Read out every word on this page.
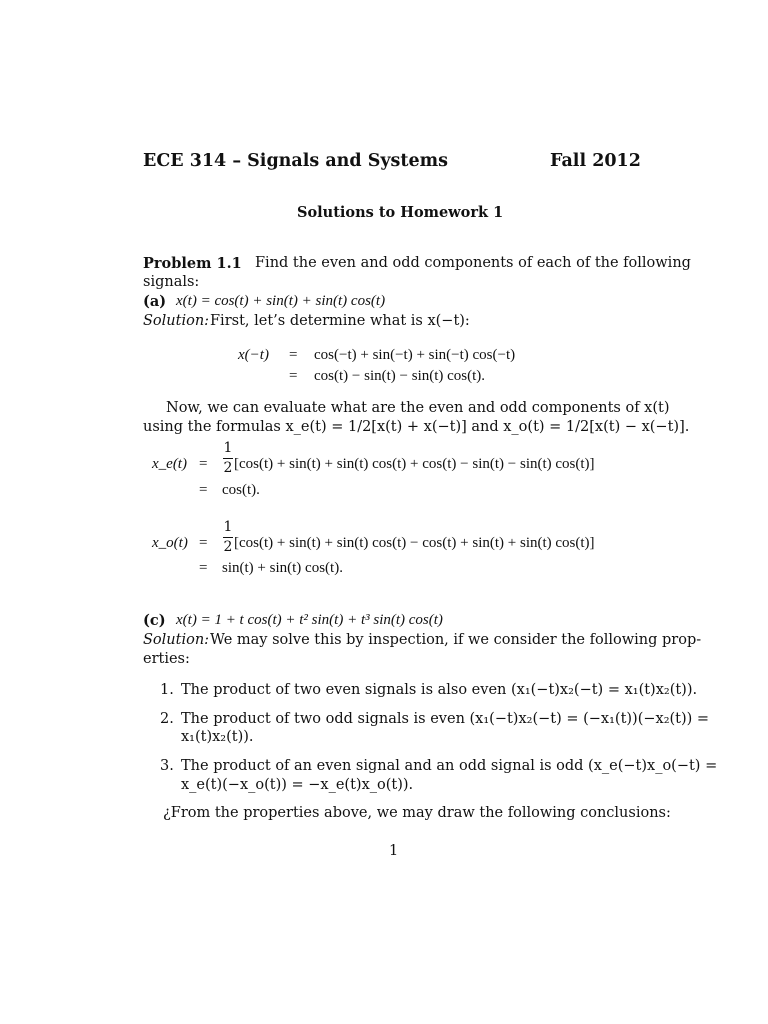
ECE 314 – Signals and Systems	Fall 2012
Solutions to Homework 1
Problem 1.1 Find the even and odd components of each of the following
signals:
(a) x(t) = cos(t) + sin(t) + sin(t) cos(t)
Solution: First, let’s determine what is x(−t):
x(−t) = cos(−t) + sin(−t) + sin(−t) cos(−t)
= cos(t) − sin(t) − sin(t) cos(t).
Now, we can evaluate what are the even and odd components of x(t)
using the formulas x_e(t) = 1/2[x(t) + x(−t)] and x_o(t) = 1/2[x(t) − x(−t)].
x_e(t) =
1
2 [cos(t) + sin(t) + sin(t) cos(t) + cos(t) − sin(t) − sin(t) cos(t)]
= cos(t).
x_o(t) =
1
2 [cos(t) + sin(t) + sin(t) cos(t) − cos(t) + sin(t) + sin(t) cos(t)]
= sin(t) + sin(t) cos(t).
(c) x(t) = 1 + t cos(t) + t² sin(t) + t³ sin(t) cos(t)
Solution: We may solve this by inspection, if we consider the following prop-
erties:
1. The product of two even signals is also even (x₁(−t)x₂(−t) = x₁(t)x₂(t)).
2. The product of two odd signals is even (x₁(−t)x₂(−t) = (−x₁(t))(−x₂(t)) =
x₁(t)x₂(t)).
3. The product of an even signal and an odd signal is odd (x_e(−t)x_o(−t) =
x_e(t)(−x_o(t)) = −x_e(t)x_o(t)).
¿From the properties above, we may draw the following conclusions:
1
